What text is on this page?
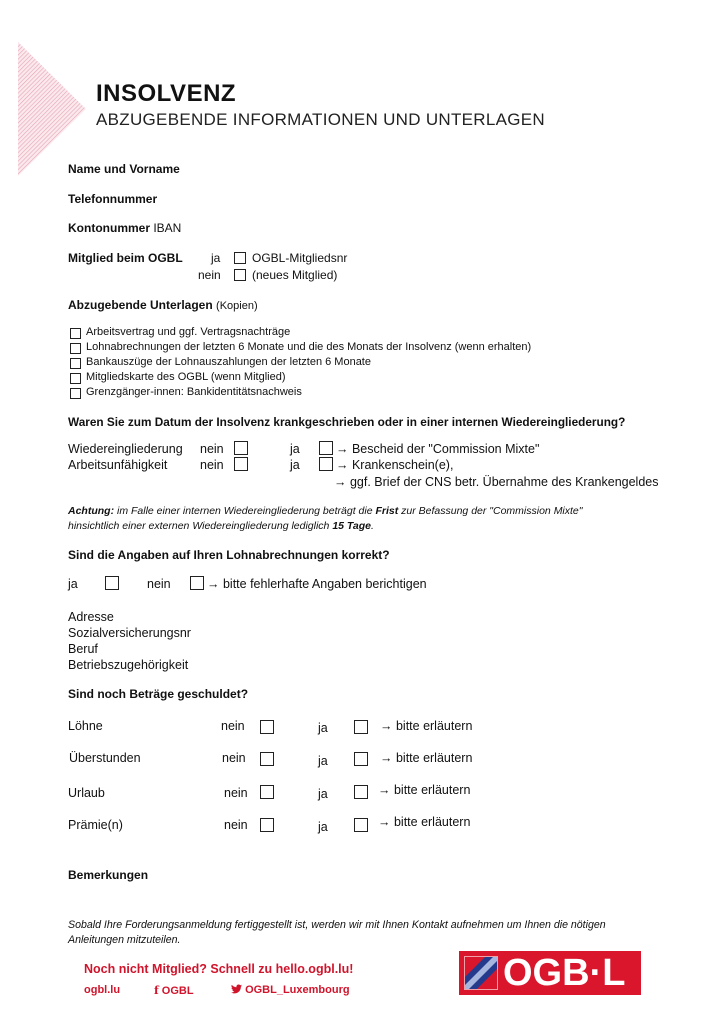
INSOLVENZ
ABZUGEBENDE INFORMATIONEN UND UNTERLAGEN
Name und Vorname
Telefonnummer
Kontonummer IBAN
Mitglied beim OGBL ja	OGBL-Mitgliedsnr
nein	(neues Mitglied)
Abzugebende Unterlagen (Kopien)
Arbeitsvertrag und ggf. Vertragsnachträge
Lohnabrechnungen der letzten 6 Monate und die des Monats der Insolvenz (wenn erhalten)
Bankauszüge der Lohnauszahlungen der letzten 6 Monate
Mitgliedskarte des OGBL (wenn Mitglied)
Grenzgänger-innen: Bankidentitätsnachweis
Waren Sie zum Datum der Insolvenz krankgeschrieben oder in einer internen Wiedereingliederung?
Wiedereingliederung nein	ja	→ Bescheid der "Commission Mixte"
Arbeitsunfähigkeit	nein	ja	→ Krankenschein(e),
→ ggf. Brief der CNS betr. Übernahme des Krankengeldes
Achtung: im Falle einer internen Wiedereingliederung beträgt die Frist zur Befassung der "Commission Mixte"
hinsichtlich einer externen Wiedereingliederung lediglich 15 Tage.
Sind die Angaben auf Ihren Lohnabrechnungen korrekt?
ja	nein	→ bitte fehlerhafte Angaben berichtigen
Adresse
Sozialversicherungsnr
Beruf
Betriebszugehörigkeit
Sind noch Beträge geschuldet?
Löhne	nein	ja	→ bitte erläutern
Überstunden	nein	ja	→ bitte erläutern
Urlaub	nein	ja	→ bitte erläutern
Prämie(n)	nein	ja	→ bitte erläutern
Bemerkungen
Sobald Ihre Forderungsanmeldung fertiggestellt ist, werden wir mit Ihnen Kontakt aufnehmen um Ihnen die nötigen
Anleitungen mitzuteilen.
Noch nicht Mitglied? Schnell zu hello.ogbl.lu!
ogbl.lu	f OGBL	OGBL_Luxembourg	OGB·L
